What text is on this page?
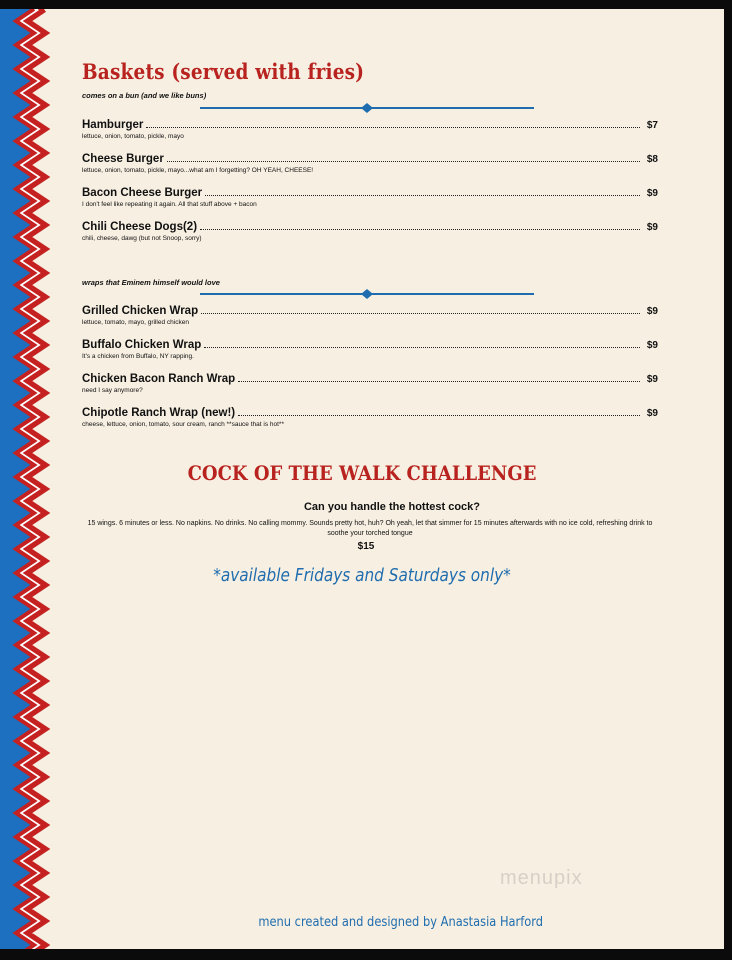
Baskets (served with fries)
comes on a bun (and we like buns)
Hamburger	$7
lettuce, onion, tomato, pickle, mayo
Cheese Burger	$8
lettuce, onion, tomato, pickle, mayo...what am I forgetting? OH YEAH, CHEESE!
Bacon Cheese Burger	$9
I don't feel like repeating it again. All that stuff above + bacon
Chili Cheese Dogs(2)	$9
chili, cheese, dawg (but not Snoop, sorry)
wraps that Eminem himself would love
Grilled Chicken Wrap	$9
lettuce, tomato, mayo, grilled chicken
Buffalo Chicken Wrap	$9
It's a chicken from Buffalo, NY rapping.
Chicken Bacon Ranch Wrap	$9
need I say anymore?
Chipotle Ranch Wrap (new!)	$9
cheese, lettuce, onion, tomato, sour cream, ranch **sauce that is hot**
COCK OF THE WALK CHALLENGE
Can you handle the hottest cock?
15 wings. 6 minutes or less. No napkins. No drinks. No calling mommy. Sounds pretty hot, huh? Oh yeah, let that simmer for 15 minutes afterwards with no ice cold, refreshing drink to soothe your torched tongue
$15
*available Fridays and Saturdays only*
menupix
menu created and designed by Anastasia Harford
